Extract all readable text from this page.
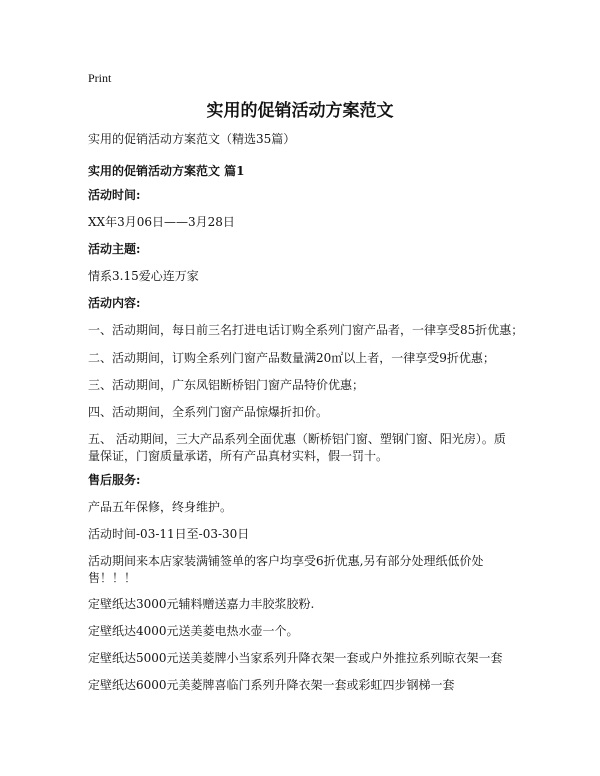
Print
实用的促销活动方案范文
实用的促销活动方案范文（精选35篇）
实用的促销活动方案范文 篇1
活动时间:
XX年3月06日——3月28日
活动主题:
情系3.15爱心连万家
活动内容:
一、活动期间，每日前三名打进电话订购全系列门窗产品者，一律享受85折优惠；
二、活动期间，订购全系列门窗产品数量满20㎡以上者，一律享受9折优惠；
三、活动期间，广东凤铝断桥铝门窗产品特价优惠；
四、活动期间，全系列门窗产品惊爆折扣价。
五、 活动期间，三大产品系列全面优惠（断桥铝门窗、塑钢门窗、阳光房）。质量保证，门窗质量承诺，所有产品真材实料，假一罚十。
售后服务:
产品五年保修，终身维护。
活动时间-03-11日至-03-30日
活动期间来本店家装满铺签单的客户均享受6折优惠,另有部分处理纸低价处售！！！
定壁纸达3000元辅料赠送嘉力丰胶浆胶粉.
定壁纸达4000元送美菱电热水壶一个。
定壁纸达5000元送美菱牌小当家系列升降衣架一套或户外推拉系列晾衣架一套
定壁纸达6000元美菱牌喜临门系列升降衣架一套或彩虹四步钢梯一套
